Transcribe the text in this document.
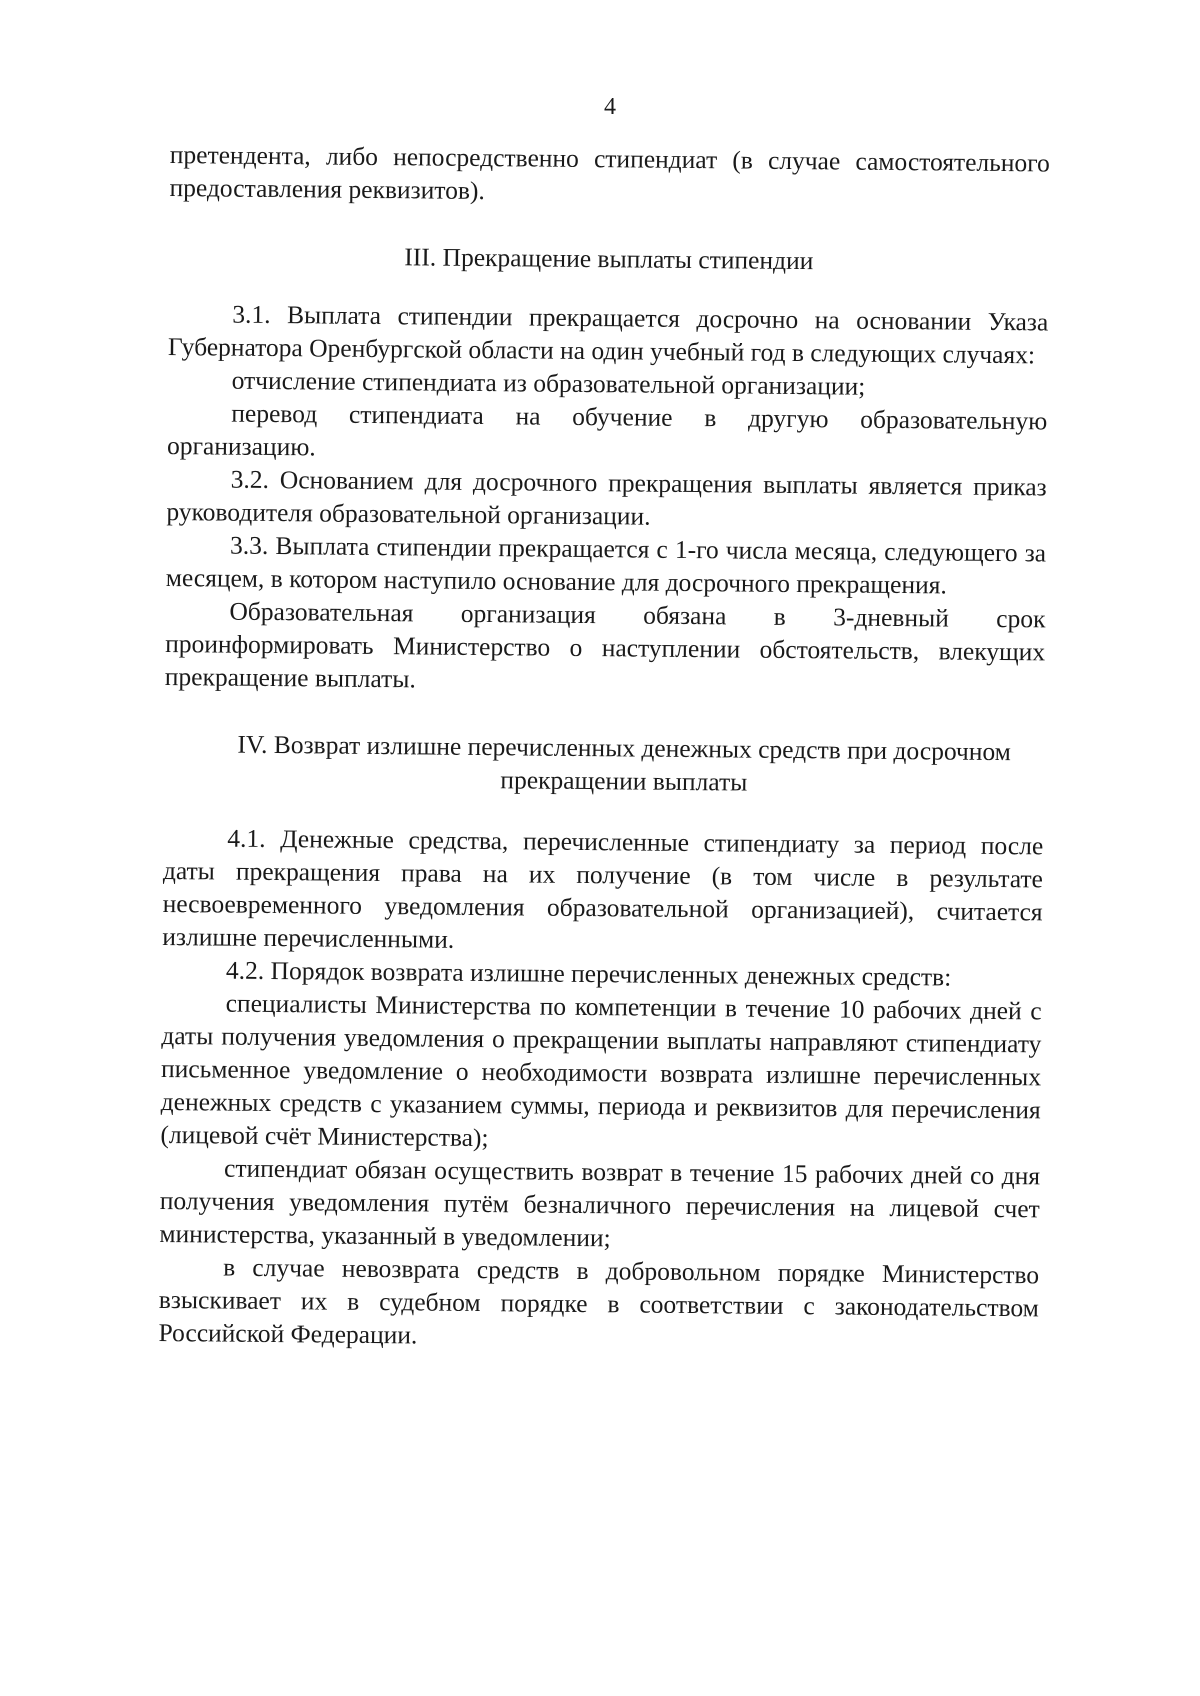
4

претендента, либо непосредственно стипендиат (в случае самостоятельного предоставления реквизитов).

III. Прекращение выплаты стипендии

3.1. Выплата стипендии прекращается досрочно на основании Указа Губернатора Оренбургской области на один учебный год в следующих случаях:

отчисление стипендиата из образовательной организации;

перевод стипендиата на обучение в другую образовательную организацию.

3.2. Основанием для досрочного прекращения выплаты является приказ руководителя образовательной организации.

3.3. Выплата стипендии прекращается с 1-го числа месяца, следующего за месяцем, в котором наступило основание для досрочного прекращения.

Образовательная организация обязана в 3-дневный срок проинформировать Министерство о наступлении обстоятельств, влекущих прекращение выплаты.

IV. Возврат излишне перечисленных денежных средств при досрочном
прекращении выплаты

4.1. Денежные средства, перечисленные стипендиату за период после даты прекращения права на их получение (в том числе в результате несвоевременного уведомления образовательной организацией), считается излишне перечисленными.

4.2. Порядок возврата излишне перечисленных денежных средств:

специалисты Министерства по компетенции в течение 10 рабочих дней с даты получения уведомления о прекращении выплаты направляют стипендиату письменное уведомление о необходимости возврата излишне перечисленных денежных средств с указанием суммы, периода и реквизитов для перечисления (лицевой счёт Министерства);

стипендиат обязан осуществить возврат в течение 15 рабочих дней со дня получения уведомления путём безналичного перечисления на лицевой счет министерства, указанный в уведомлении;

в случае невозврата средств в добровольном порядке Министерство взыскивает их в судебном порядке в соответствии с законодательством Российской Федерации.
